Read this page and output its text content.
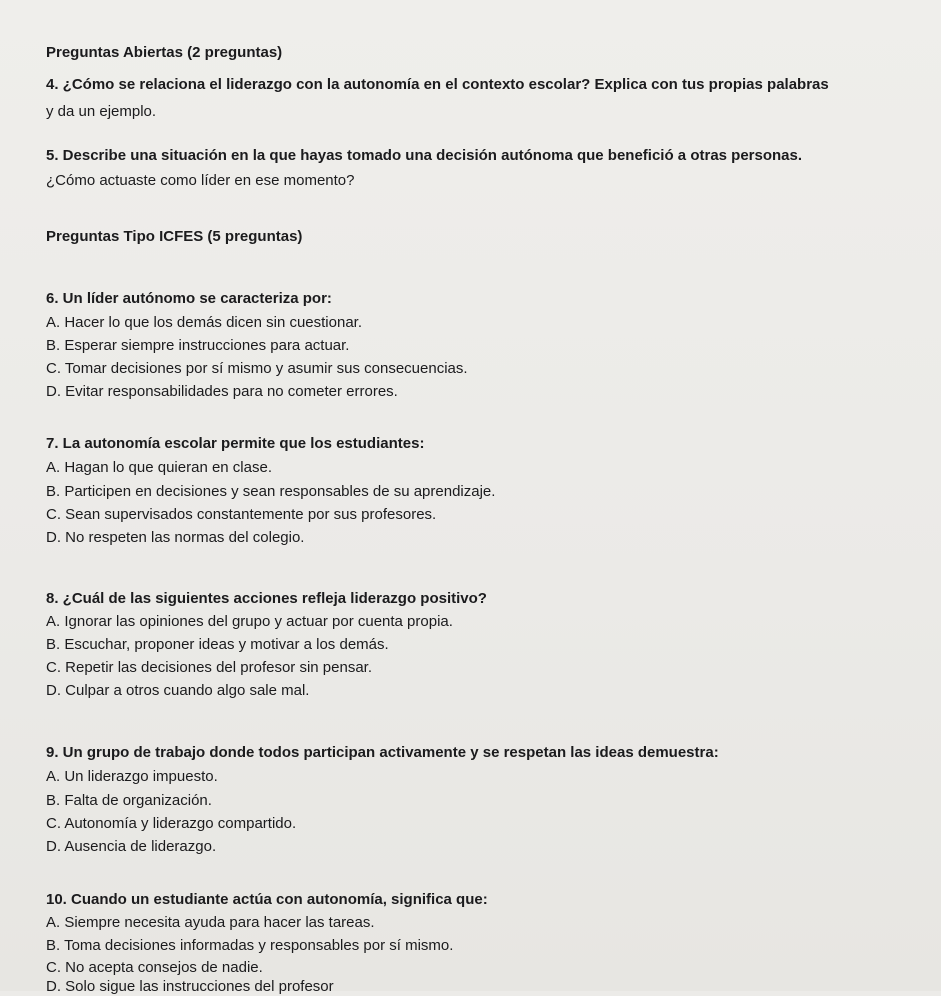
Preguntas Abiertas (2 preguntas)
4. ¿Cómo se relaciona el liderazgo con la autonomía en el contexto escolar? Explica con tus propias palabras
y da un ejemplo.
5. Describe una situación en la que hayas tomado una decisión autónoma que benefició a otras personas.
¿Cómo actuaste como líder en ese momento?
Preguntas Tipo ICFES (5 preguntas)
6. Un líder autónomo se caracteriza por:
A. Hacer lo que los demás dicen sin cuestionar.
B. Esperar siempre instrucciones para actuar.
C. Tomar decisiones por sí mismo y asumir sus consecuencias.
D. Evitar responsabilidades para no cometer errores.
7. La autonomía escolar permite que los estudiantes:
A. Hagan lo que quieran en clase.
B. Participen en decisiones y sean responsables de su aprendizaje.
C. Sean supervisados constantemente por sus profesores.
D. No respeten las normas del colegio.
8. ¿Cuál de las siguientes acciones refleja liderazgo positivo?
A. Ignorar las opiniones del grupo y actuar por cuenta propia.
B. Escuchar, proponer ideas y motivar a los demás.
C. Repetir las decisiones del profesor sin pensar.
D. Culpar a otros cuando algo sale mal.
9. Un grupo de trabajo donde todos participan activamente y se respetan las ideas demuestra:
A. Un liderazgo impuesto.
B. Falta de organización.
C. Autonomía y liderazgo compartido.
D. Ausencia de liderazgo.
10. Cuando un estudiante actúa con autonomía, significa que:
A. Siempre necesita ayuda para hacer las tareas.
B. Toma decisiones informadas y responsables por sí mismo.
C. No acepta consejos de nadie.
D. Solo sigue las instrucciones del profesor
